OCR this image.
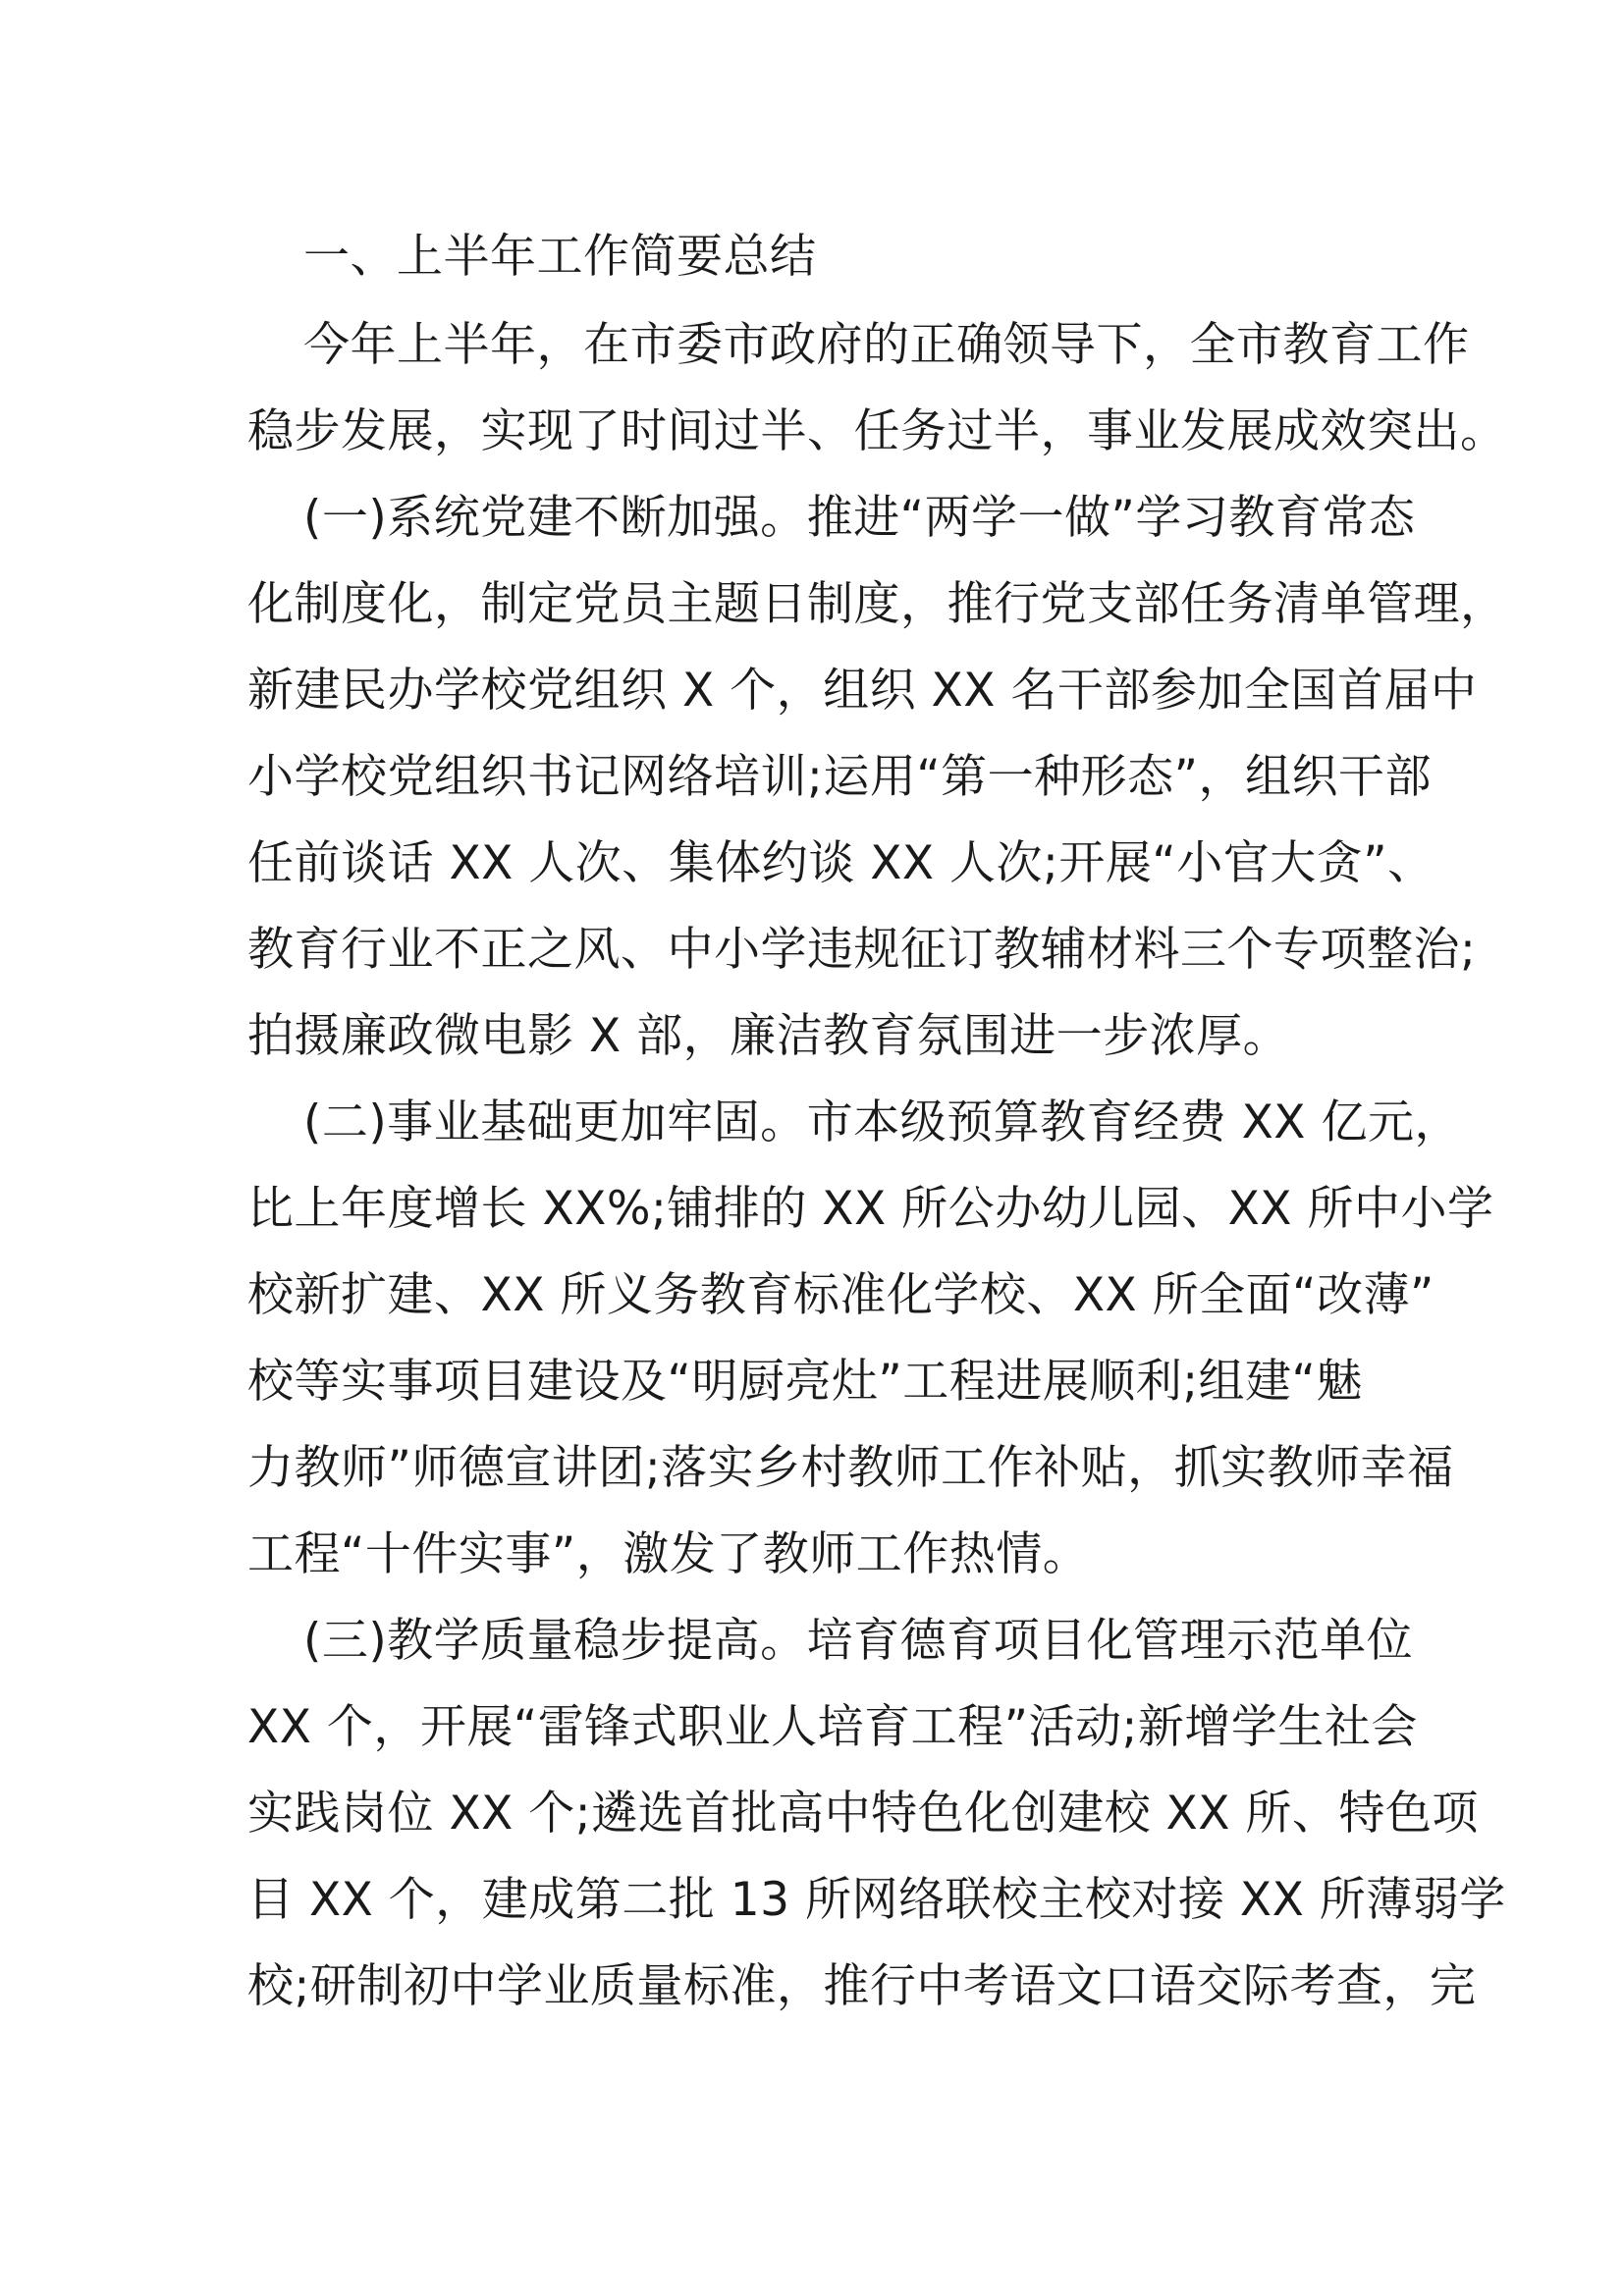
一、上半年工作简要总结
今年上半年，在市委市政府的正确领导下，全市教育工作
稳步发展，实现了时间过半、任务过半，事业发展成效突出。
(一)系统党建不断加强。推进“两学一做”学习教育常态
化制度化，制定党员主题日制度，推行党支部任务清单管理，
新建民办学校党组织 X 个，组织 XX 名干部参加全国首届中
小学校党组织书记网络培训;运用“第一种形态”，组织干部
任前谈话 XX 人次、集体约谈 XX 人次;开展“小官大贪”、
教育行业不正之风、中小学违规征订教辅材料三个专项整治;
拍摄廉政微电影 X 部，廉洁教育氛围进一步浓厚。
(二)事业基础更加牢固。市本级预算教育经费 XX 亿元，
比上年度增长 XX%;铺排的 XX 所公办幼儿园、XX 所中小学
校新扩建、XX 所义务教育标准化学校、XX 所全面“改薄”
校等实事项目建设及“明厨亮灶”工程进展顺利;组建“魅
力教师”师德宣讲团;落实乡村教师工作补贴，抓实教师幸福
工程“十件实事”，激发了教师工作热情。
(三)教学质量稳步提高。培育德育项目化管理示范单位
XX 个，开展“雷锋式职业人培育工程”活动;新增学生社会
实践岗位 XX 个;遴选首批高中特色化创建校 XX 所、特色项
目 XX 个，建成第二批 13 所网络联校主校对接 XX 所薄弱学
校;研制初中学业质量标准，推行中考语文口语交际考查，完
